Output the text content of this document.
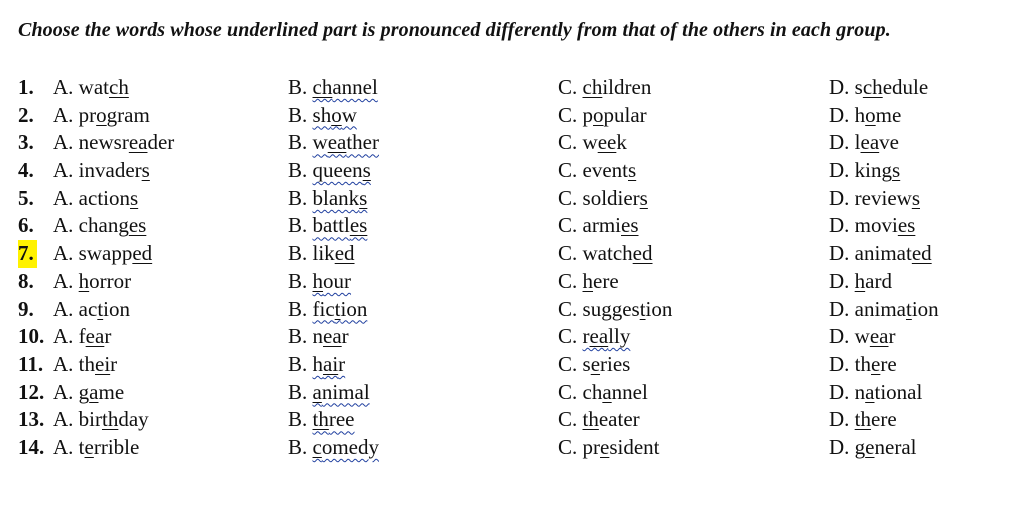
Choose the words whose underlined part is pronounced differently from that of the others in each group.
1. A. watch	B. channel	C. children	D. schedule
2. A. program	B. show	C. popular	D. home
3. A. newsreader	B. weather	C. week	D. leave
4. A. invaders	B. queens	C. events	D. kings
5. A. actions	B. blanks	C. soldiers	D. reviews
6. A. changes	B. battles	C. armies	D. movies
7. A. swapped	B. liked	C. watched	D. animated
8. A. horror	B. hour	C. here	D. hard
9. A. action	B. fiction	C. suggestion	D. animation
10. A. fear	B. near	C. really	D. wear
11. A. their	B. hair	C. series	D. there
12. A. game	B. animal	C. channel	D. national
13. A. birthday	B. three	C. theater	D. there
14. A. terrible	B. comedy	C. president	D. general
